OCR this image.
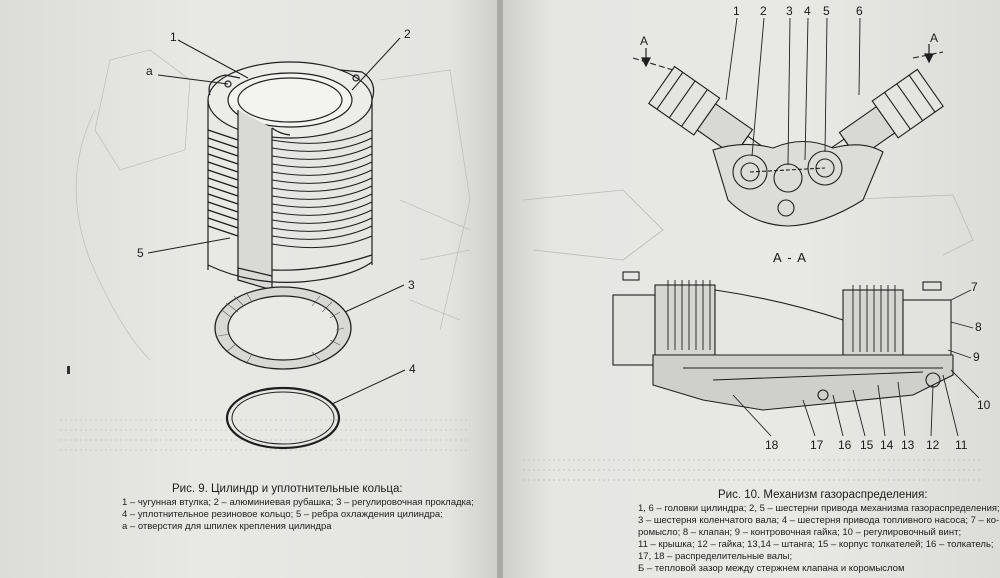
1	2
а
3
4
5
Рис. 9. Цилиндр и уплотнительные кольца:
1 – чугунная втулка; 2 – алюминиевая рубашка; 3 – регулировочная прокладка;
4 – уплотнительное резиновое кольцо; 5 – ребра охлаждения цилиндра;
а – отверстия для шпилек крепления цилиндра
А	А
А - А
1 2 3 4 5 6
7
8
9
10
18	17 16 15 14 13 12 11
Рис. 10. Механизм газораспределения:
1, 6 – головки цилиндра; 2, 5 – шестерни привода механизма газораспределения;
3 – шестерня коленчатого вала; 4 – шестерня привода топливного насоса; 7 – ко-
ромысло; 8 – клапан; 9 – контровочная гайка; 10 – регулировочный винт;
11 – крышка; 12 – гайка; 13,14 – штанга; 15 – корпус толкателей; 16 – толкатель;
17, 18 – распределительные валы;
Б – тепловой зазор между стержнем клапана и коромыслом
